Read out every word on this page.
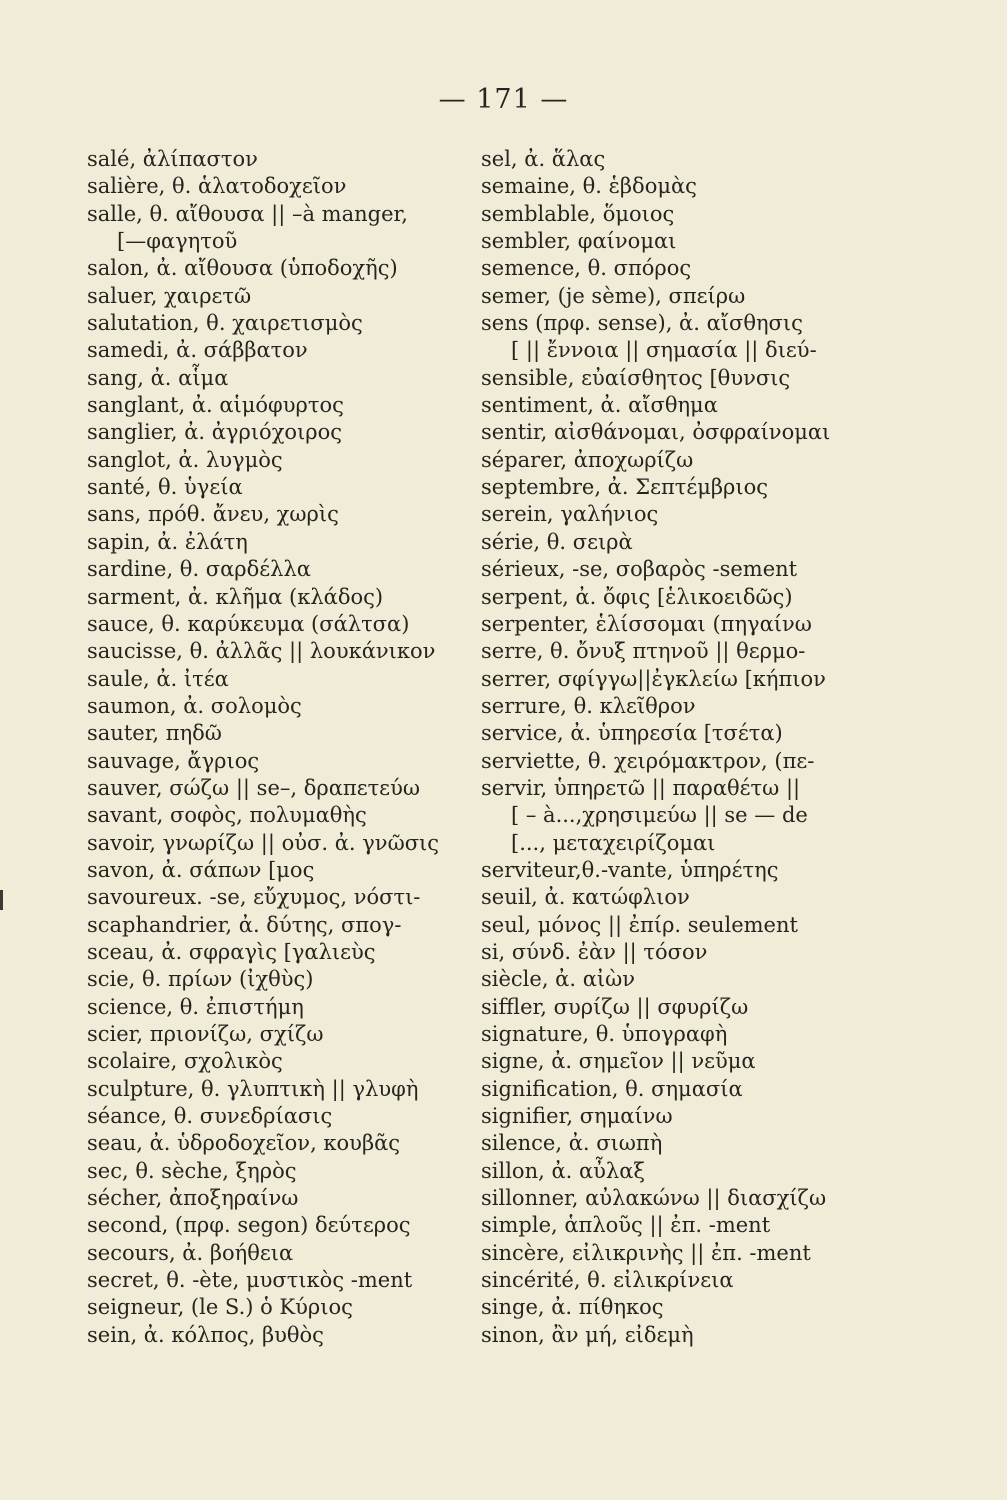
— 171 —
salé, ἀλίπαστον
salière, θ. ἁλατοδοχεῖον
salle, θ. αἴθουσα || –à manger,
[—φαγητοῦ
salon, ἀ. αἴθουσα (ὑποδοχῆς)
saluer, χαιρετῶ
salutation, θ. χαιρετισμὸς
samedi, ἀ. σάββατον
sang, ἀ. αἷμα
sanglant, ἀ. αἱμόφυρτος
sanglier, ἀ. ἀγριόχοιρος
sanglot, ἀ. λυγμὸς
santé, θ. ὑγεία
sans, πρόθ. ἄνευ, χωρὶς
sapin, ἀ. ἐλάτη
sardine, θ. σαρδέλλα
sarment, ἀ. κλῆμα (κλάδος)
sauce, θ. καρύκευμα (σάλτσα)
saucisse, θ. ἀλλᾶς || λουκάνικον
saule, ἀ. ἰτέα
saumon, ἀ. σολομὸς
sauter, πηδῶ
sauvage, ἄγριος
sauver, σώζω || se–, δραπετεύω
savant, σοφὸς, πολυμαθὴς
savoir, γνωρίζω || οὐσ. ἀ. γνῶσις
savon, ἀ. σάπων [μος
savoureux. -se, εὔχυμος, νόστι-
scaphandrier, ἀ. δύτης, σπογ-
sceau, ἀ. σφραγὶς [γαλιεὺς
scie, θ. πρίων (ἰχθὺς)
science, θ. ἐπιστήμη
scier, πριονίζω, σχίζω
scolaire, σχολικὸς
sculpture, θ. γλυπτικὴ || γλυφὴ
séance, θ. συνεδρίασις
seau, ἀ. ὑδροδοχεῖον, κουβᾶς
sec, θ. sèche, ξηρὸς
sécher, ἀποξηραίνω
second, (πρφ. segon) δεύτερος
secours, ἀ. βοήθεια
secret, θ. -ète, μυστικὸς -ment
seigneur, (le S.) ὁ Κύριος
sein, ἀ. κόλπος, βυθὸς
sel, ἀ. ἅλας
semaine, θ. ἑβδομὰς
semblable, ὅμοιος
sembler, φαίνομαι
semence, θ. σπόρος
semer, (je sème), σπείρω
sens (πρφ. sense), ἀ. αἴσθησις
[ || ἔννοια || σημασία || διεύ-
sensible, εὐαίσθητος [θυνσις
sentiment, ἀ. αἴσθημα
sentir, αἰσθάνομαι, ὀσφραίνομαι
séparer, ἀποχωρίζω
septembre, ἀ. Σεπτέμβριος
serein, γαλήνιος
série, θ. σειρὰ
sérieux, -se, σοβαρὸς -sement
serpent, ἀ. ὄφις [ἑλικοειδῶς)
serpenter, ἑλίσσομαι (πηγαίνω
serre, θ. ὄνυξ πτηνοῦ || θερμο-
serrer, σφίγγω||ἐγκλείω [κήπιον
serrure, θ. κλεῖθρον
service, ἀ. ὑπηρεσία [τσέτα)
serviette, θ. χειρόμακτρον, (πε-
servir, ὑπηρετῶ || παραθέτω ||
[ – à...,χρησιμεύω || se — de
[..., μεταχειρίζομαι
serviteur,θ.-vante, ὑπηρέτης
seuil, ἀ. κατώφλιον
seul, μόνος || ἐπίρ. seulement
si, σύνδ. ἐὰν || τόσον
siècle, ἀ. αἰὼν
siffler, συρίζω || σφυρίζω
signature, θ. ὑπογραφὴ
signe, ἀ. σημεῖον || νεῦμα
signification, θ. σημασία
signifier, σημαίνω
silence, ἀ. σιωπὴ
sillon, ἀ. αὖλαξ
sillonner, αὐλακώνω || διασχίζω
simple, ἁπλοῦς || ἐπ. -ment
sincère, εἰλικρινὴς || ἐπ. -ment
sincérité, θ. εἰλικρίνεια
singe, ἀ. πίθηκος
sinon, ἂν μή, εἰδεμὴ
